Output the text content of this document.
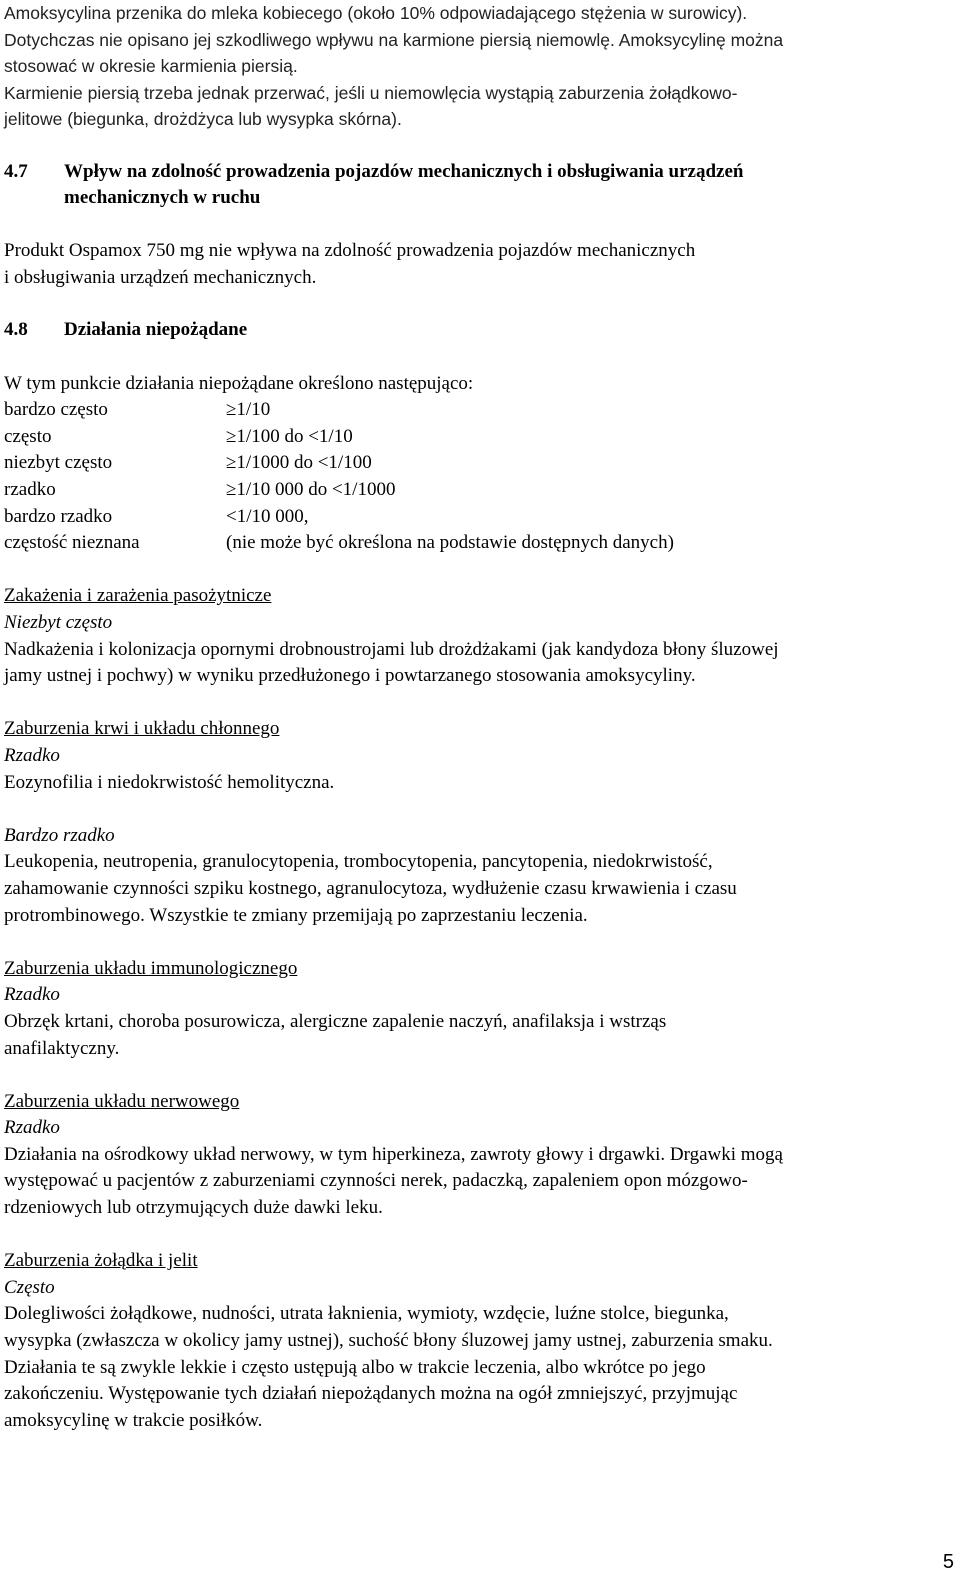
Amoksycylina przenika do mleka kobiecego (około 10% odpowiadającego stężenia w surowicy).

Dotychczas nie opisano jej szkodliwego wpływu na karmione piersią niemowlę. Amoksycylinę można

stosować w okresie karmienia piersią.

Karmienie piersią trzeba jednak przerwać, jeśli u niemowlęcia wystąpią zaburzenia żołądkowo-

jelitowe (biegunka, drożdżyca lub wysypka skórna).

4.7	Wpływ na zdolność prowadzenia pojazdów mechanicznych i obsługiwania urządzeń
mechanicznych w ruchu

Produkt Ospamox 750 mg nie wpływa na zdolność prowadzenia pojazdów mechanicznych

i obsługiwania urządzeń mechanicznych.

4.8	Działania niepożądane

W tym punkcie działania niepożądane określono następująco:

bardzo często	≥1/10
często	≥1/100 do <1/10
niezbyt często	≥1/1000 do <1/100
rzadko	≥1/10 000 do <1/1000
bardzo rzadko	<1/10 000,
częstość nieznana	(nie może być określona na podstawie dostępnych danych)

Zakażenia i zarażenia pasożytnicze

Niezbyt często

Nadkażenia i kolonizacja opornymi drobnoustrojami lub drożdżakami (jak kandydoza błony śluzowej

jamy ustnej i pochwy) w wyniku przedłużonego i powtarzanego stosowania amoksycyliny.

Zaburzenia krwi i układu chłonnego

Rzadko

Eozynofilia i niedokrwistość hemolityczna.

Bardzo rzadko

Leukopenia, neutropenia, granulocytopenia, trombocytopenia, pancytopenia, niedokrwistość,

zahamowanie czynności szpiku kostnego, agranulocytoza, wydłużenie czasu krwawienia i czasu

protrombinowego. Wszystkie te zmiany przemijają po zaprzestaniu leczenia.

Zaburzenia układu immunologicznego

Rzadko

Obrzęk krtani, choroba posurowicza, alergiczne zapalenie naczyń, anafilaksja i wstrząs

anafilaktyczny.

Zaburzenia układu nerwowego

Rzadko

Działania na ośrodkowy układ nerwowy, w tym hiperkineza, zawroty głowy i drgawki. Drgawki mogą

występować u pacjentów z zaburzeniami czynności nerek, padaczką, zapaleniem opon mózgowo-

rdzeniowych lub otrzymujących duże dawki leku.

Zaburzenia żołądka i jelit

Często

Dolegliwości żołądkowe, nudności, utrata łaknienia, wymioty, wzdęcie, luźne stolce, biegunka,

wysypka (zwłaszcza w okolicy jamy ustnej), suchość błony śluzowej jamy ustnej, zaburzenia smaku.

Działania te są zwykle lekkie i często ustępują albo w trakcie leczenia, albo wkrótce po jego

zakończeniu. Występowanie tych działań niepożądanych można na ogół zmniejszyć, przyjmując

amoksycylinę w trakcie posiłków.

5
